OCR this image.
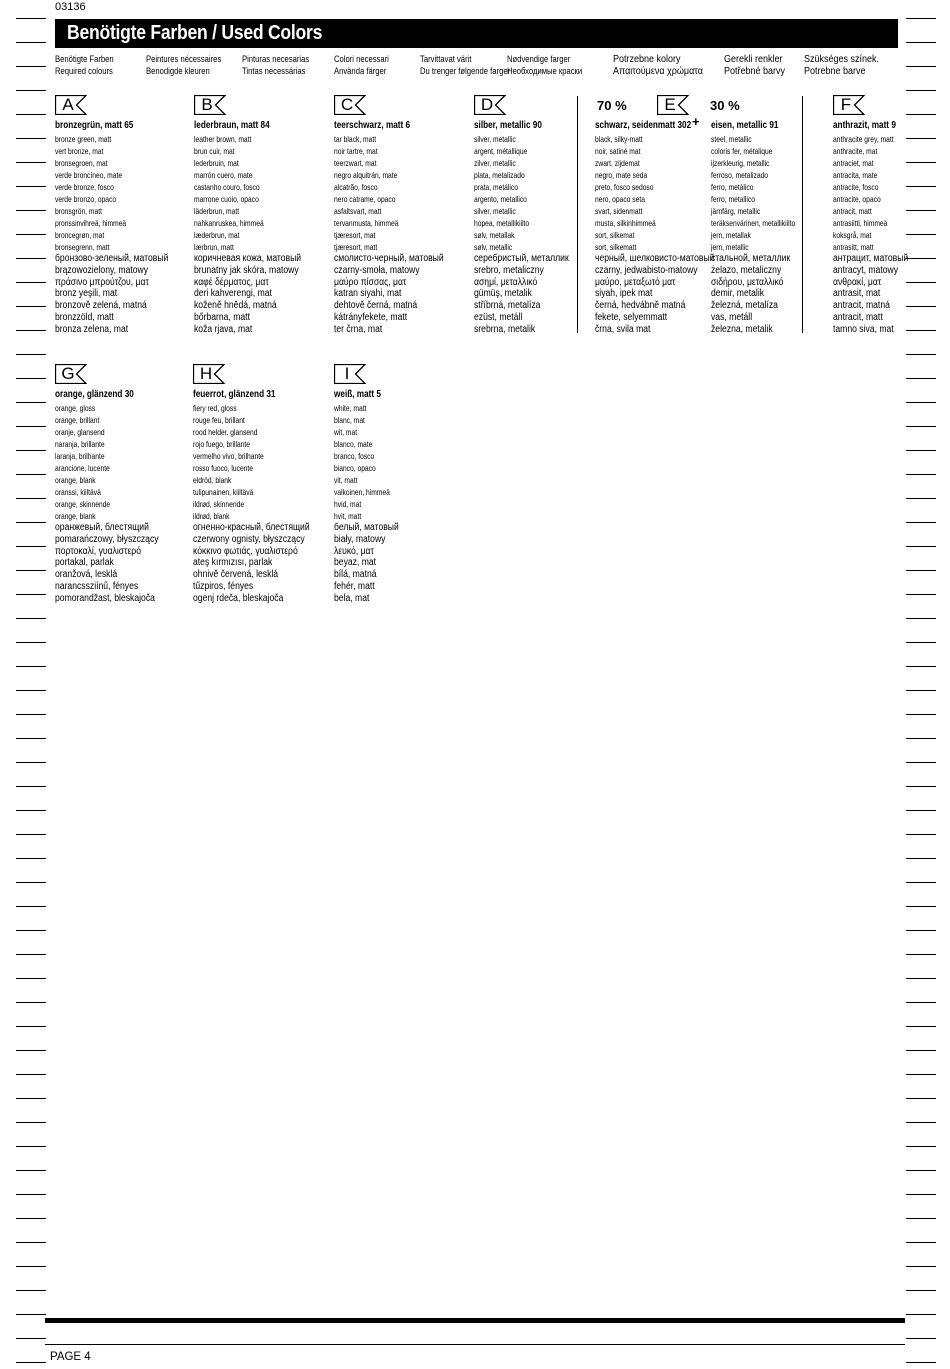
03136
Benötigte Farben / Used Colors
Benötigte Farben
Required colours
Peintures nécessaires
Benodigde kleuren
Pinturas necesarias
Tintas necessárias
Colori necessari
Använda färger
Tarvittavat värit
Du trenger følgende farger
Nødvendige farger
Необходимые краски
Potrzebne kolory
Απαιτούμενα χρώματα
Gerekli renkler
Potřebné barvy
Szükséges színek.
Potrebne barve
70 %	30 %
+
A
bronzegrün, matt 65
bronze green, matt
vert bronze, mat
bronsegroen, mat
verde broncíneo, mate
verde bronze, fosco
verde bronzo, opaco
bronsgrön, matt
pronssinvihreä, himmeä
broncegrøn, mat
bronsegrenn, matt
бронзово-зеленый, матовый
brązowozielony, matowy
πράσινο μπρούτζου, ματ
bronz yeşili, mat
bronzově zelená, matná
bronzzöld, matt
bronza zelena, mat
B
lederbraun, matt 84
leather brown, matt
brun cuir, mat
lederbruin, mat
marrón cuero, mate
castanho couro, fosco
marrone cuoio, opaco
läderbrun, matt
nahkanruskea, himmeä
læderbrun, mat
lærbrun, matt
коричневая кожа, матовый
brunatny jak skóra, matowy
καφέ δέρματος, ματ
deri kahverengi, mat
koženě hnědá, matná
bőrbarna, matt
koža rjava, mat
C
teerschwarz, matt 6
tar black, matt
noir tartre, mat
teerzwart, mat
negro alquitrán, mate
alcatrão, fosco
nero catrame, opaco
asfaltsvart, matt
tervanmusta, himmeä
tjæresort, mat
tjæresort, matt
смолисто-черный, матовый
czarny-smoła, matowy
μαύρο πίσσας, ματ
katran siyahi, mat
dehtově černá, matná
kátrányfekete, matt
ter črna, mat
D
silber, metallic 90
silver, metallic
argent, métallique
zilver, metallic
plata, metalizado
prata, metálico
argento, metallico
silver, metallic
hopea, metallikiilto
sølv, metallak
sølv, metallic
серебристый, металлик
srebro, metaliczny
ασημί, μεταλλικό
gümüş, metalik
stříbrná, metalíza
ezüst, metáll
srebrna, metalik
E
schwarz, seidenmatt 302
black, silky-matt
noir, satiné mat
zwart, zijdemat
negro, mate seda
preto, fosco sedoso
nero, opaco seta
svart, sidenmatt
musta, silkinhimmeä
sort, silkemat
sort, silkematt
черный, шелковисто-матовый
czarny, jedwabisto-matowy
μαύρο, μεταξωτό ματ
siyah, ipek mat
černá, hedvábně matná
fekete, selyemmatt
črna, svila mat
eisen, metallic 91
steel, metallic
coloris fer, métalique
ijzerkleurig, metallic
ferroso, metalizado
ferro, metálico
ferro, metallico
järnfärg, metallic
teräksenvärinen, metallikiilto
jern, metallak
jern, metallic
стальной, металлик
żelazo, metaliczny
σιδήρου, μεταλλικό
demir, metalik
železná, metalíza
vas, metáll
železna, metalik
F
anthrazit, matt 9
anthracite grey, matt
anthracite, mat
antraciet, mat
antracita, mate
antracite, fosco
antracite, opaco
antracit, matt
antrasiitti, himmeä
koksgrå, mat
antrasitt, matt
антрацит, матовый
antracyt, matowy
ανθρακί, ματ
antrasit, mat
antracit, matná
antracit, matt
tamno siva, mat
G
orange, glänzend 30
orange, gloss
orange, brillant
oranje, glansend
naranja, brillante
laranja, brilhante
arancione, lucente
orange, blank
oranssi, kiiltävä
orange, skinnende
orange, blank
оранжевый, блестящий
pomarańczowy, błyszczący
πορτοκαλί, γυαλιστερό
portakal, parlak
oranžová, lesklá
narancssziínű, fényes
pomorandžast, bleskajoča
H
feuerrot, glänzend 31
fiery red, gloss
rouge feu, brillant
rood helder, glansend
rojo fuego, brillante
vermelho vivo, brilhante
rosso fuoco, lucente
eldröd, blank
tulipunainen, kiiltävä
ildrød, skinnende
ildrød, blank
огненно-красный, блестящий
czerwony ognisty, błyszczący
κόκκινο φωτιάς, γυαλιστερό
ateş kırmızısı, parlak
ohnivě červená, lesklá
tűzpiros, fényes
ogenj rdeča, bleskajoča
I
weiß, matt 5
white, matt
blanc, mat
wit, mat
blanco, mate
branco, fosco
bianco, opaco
vit, matt
valkoinen, himmeä
hvid, mat
hvit, matt
белый, матовый
biały, matowy
λευκό, ματ
beyaz, mat
bílá, matná
fehér, matt
bela, mat
PAGE 4
